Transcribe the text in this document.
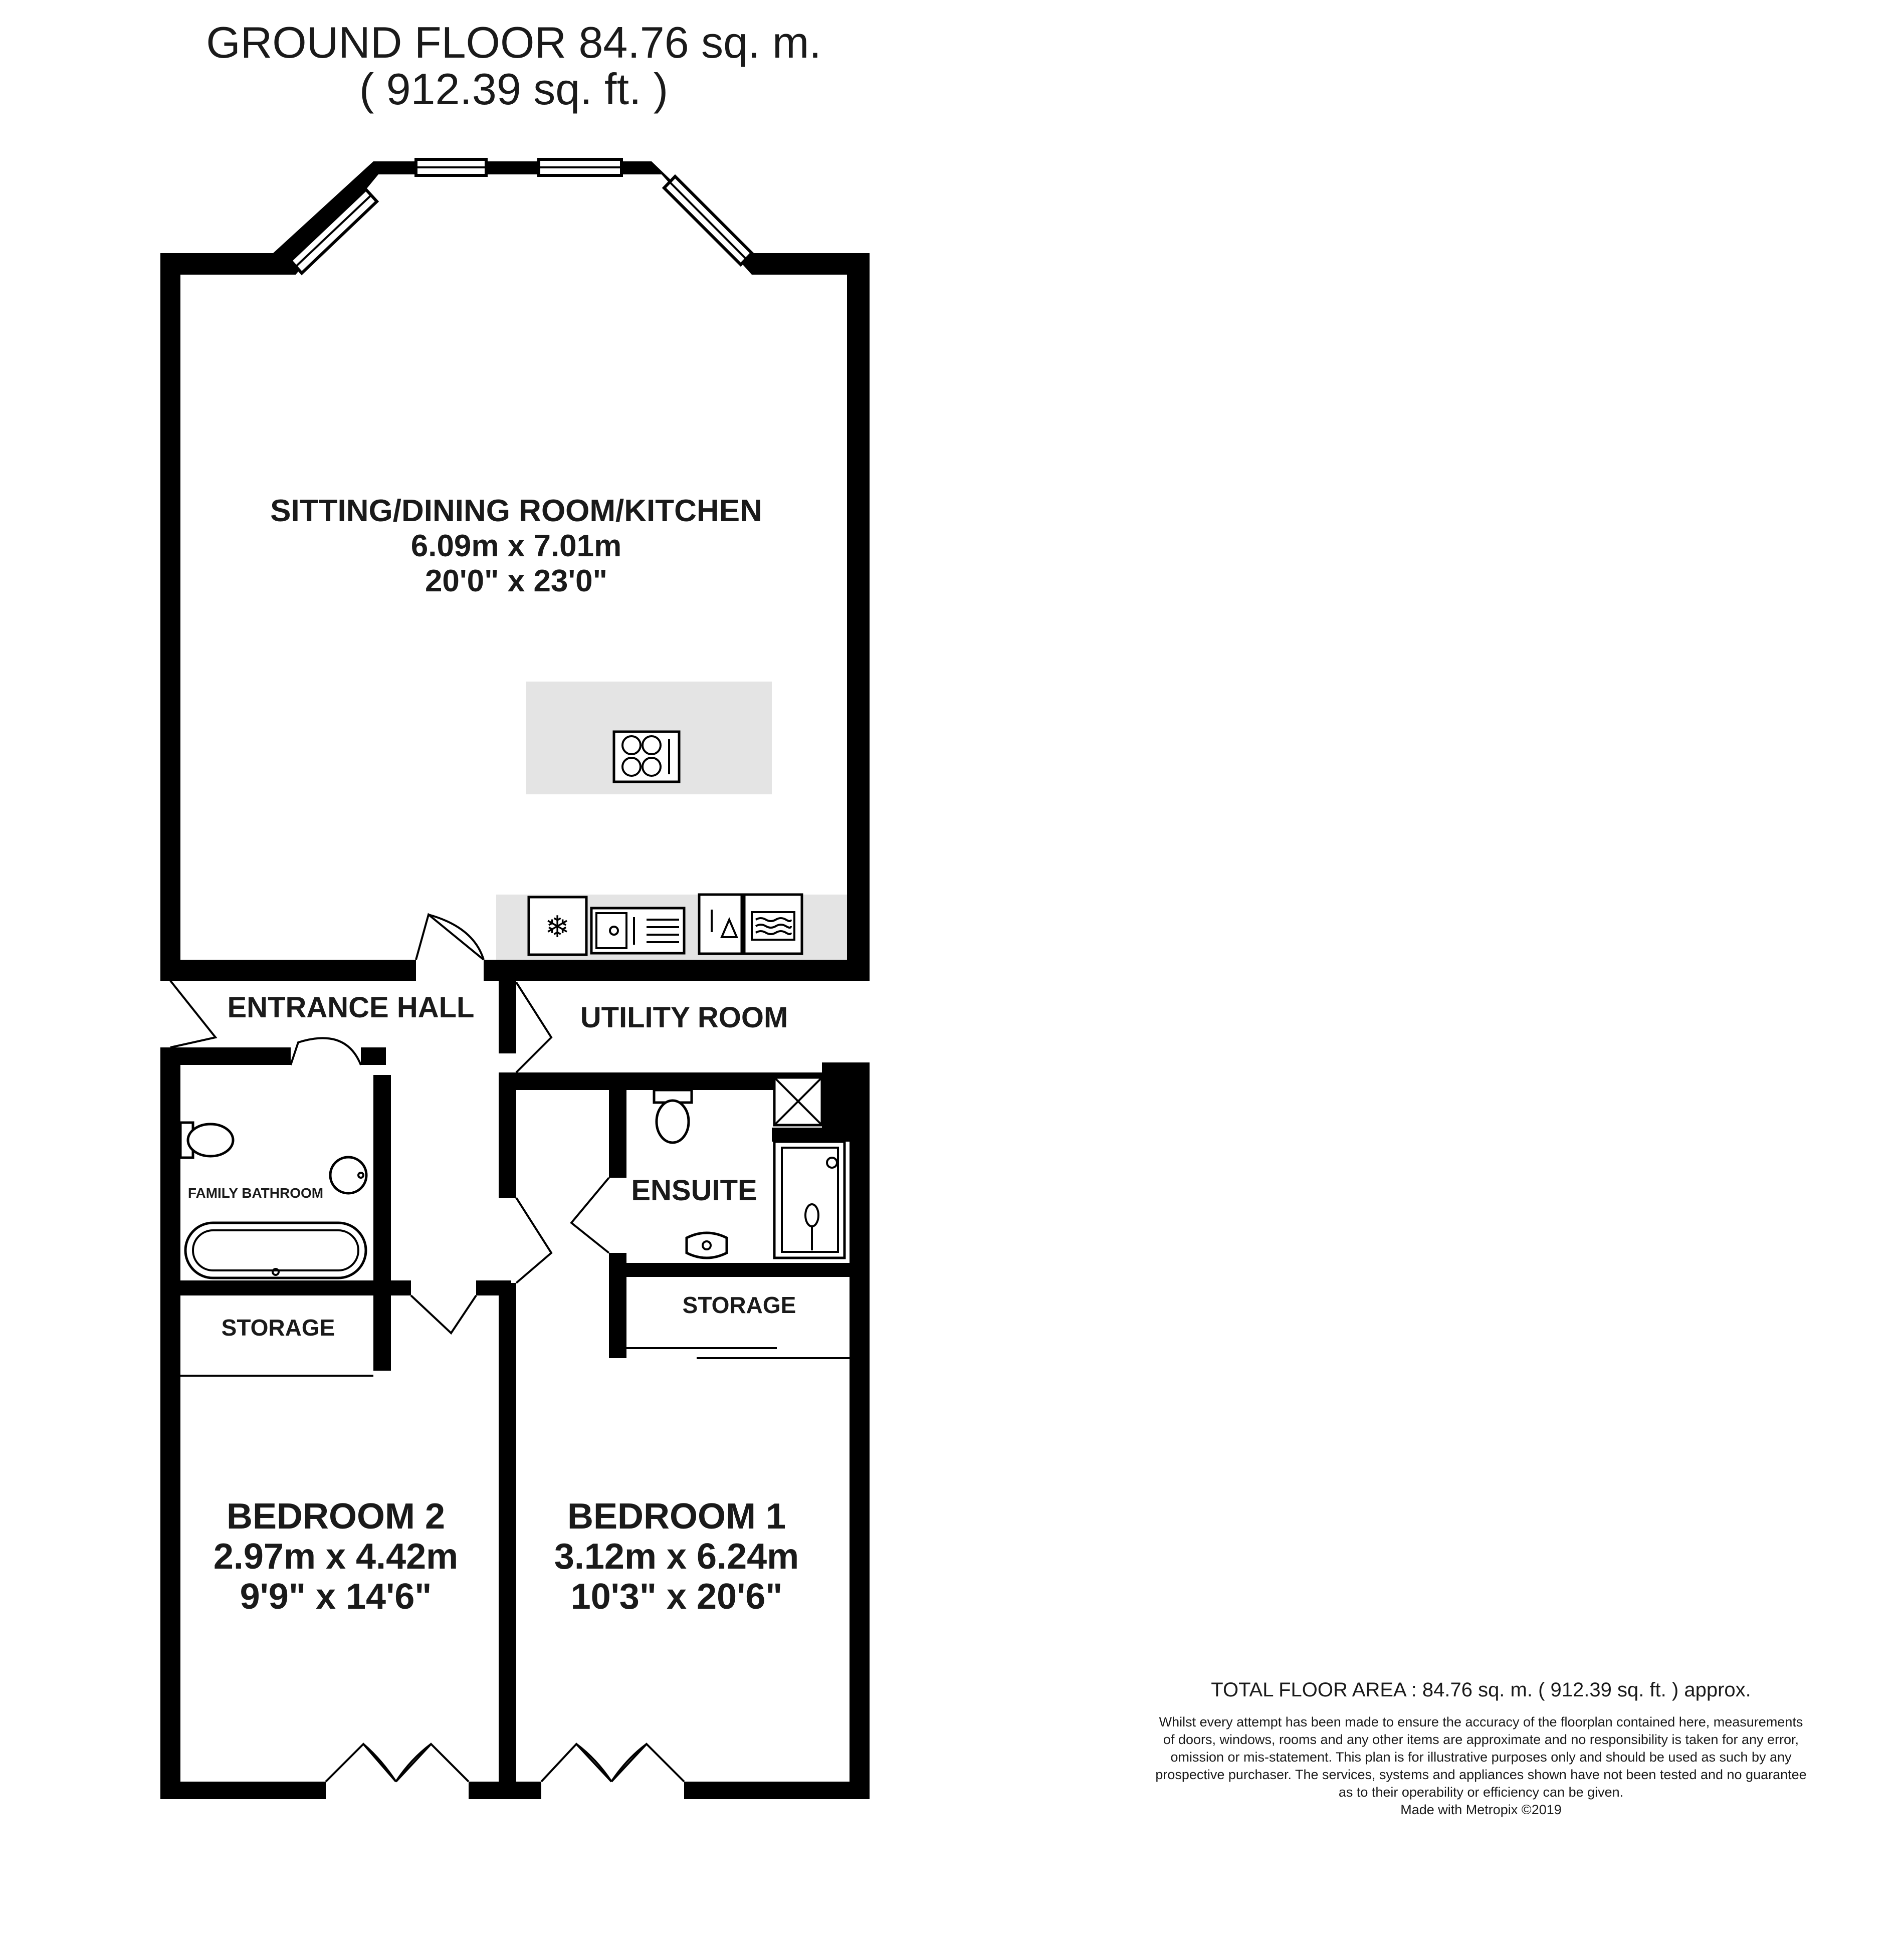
GROUND FLOOR 84.76 sq. m.
( 912.39 sq. ft. )
❄
SITTING/DINING ROOM/KITCHEN
6.09m x 7.01m
20'0" x 23'0"
ENTRANCE HALL	UTILITY ROOM
FAMILY BATHROOM	ENSUITE
STORAGE
STORAGE
BEDROOM 2
2.97m x 4.42m
9'9" x 14'6"
BEDROOM 1
3.12m x 6.24m
10'3" x 20'6"
TOTAL FLOOR AREA : 84.76 sq. m. ( 912.39 sq. ft. ) approx.
Whilst every attempt has been made to ensure the accuracy of the floorplan contained here, measurements
of doors, windows, rooms and any other items are approximate and no responsibility is taken for any error,
omission or mis-statement. This plan is for illustrative purposes only and should be used as such by any
prospective purchaser. The services, systems and appliances shown have not been tested and no guarantee
as to their operability or efficiency can be given.
Made with Metropix ©2019
